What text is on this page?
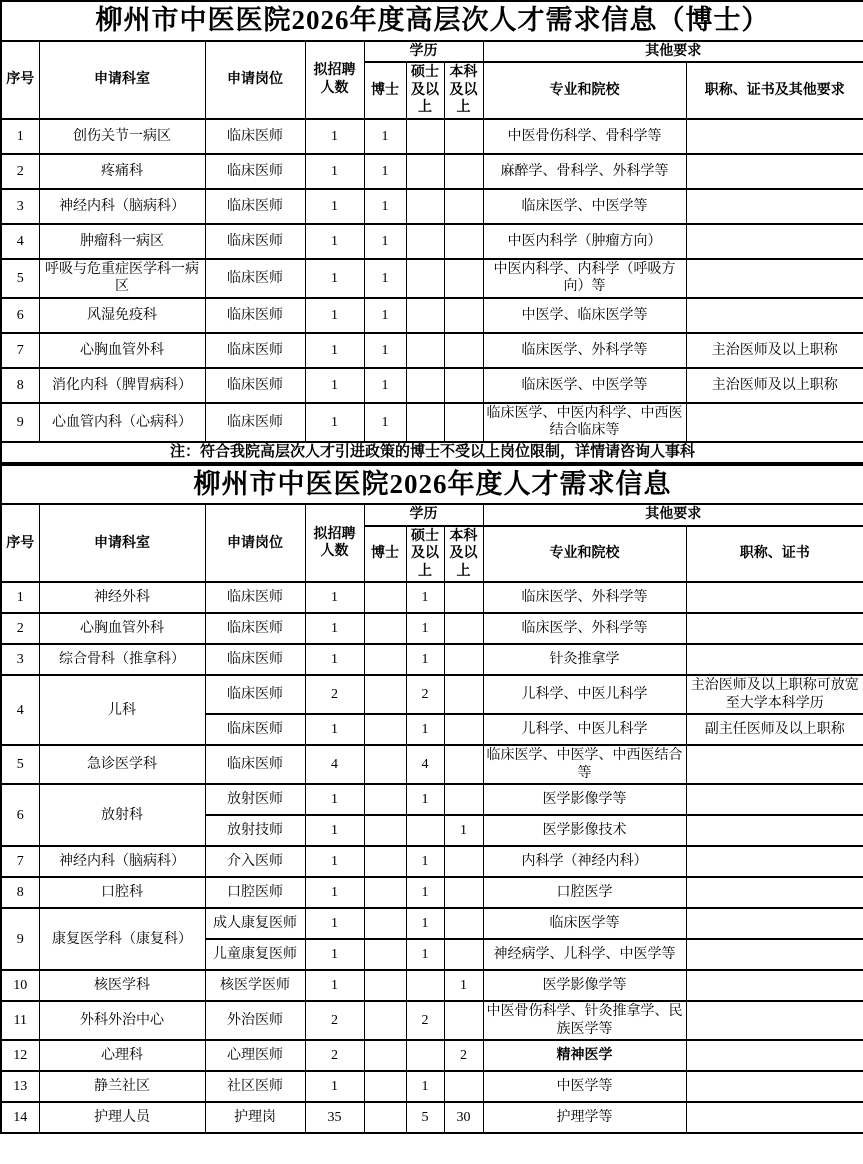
柳州市中医医院2026年度高层次人才需求信息（博士）								
序号	申请科室	申请岗位	拟招聘人数	学历			其他要求	
				博士	硕士及以上	本科及以上	专业和院校	职称、证书及其他要求
1	创伤关节一病区	临床医师	1	1			中医骨伤科学、骨科学等	
2	疼痛科	临床医师	1	1			麻醉学、骨科学、外科学等	
3	神经内科（脑病科）	临床医师	1	1			临床医学、中医学等	
4	肿瘤科一病区	临床医师	1	1			中医内科学（肿瘤方向）	
5	呼吸与危重症医学科一病区	临床医师	1	1			中医内科学、内科学（呼吸方向）等	
6	风湿免疫科	临床医师	1	1			中医学、临床医学等	
7	心胸血管外科	临床医师	1	1			临床医学、外科学等	主治医师及以上职称
8	消化内科（脾胃病科）	临床医师	1	1			临床医学、中医学等	主治医师及以上职称
9	心血管内科（心病科）	临床医师	1	1			临床医学、中医内科学、中西医结合临床等	
注：符合我院高层次人才引进政策的博士不受以上岗位限制，详情请咨询人事科								
柳州市中医医院2026年度人才需求信息								
序号	申请科室	申请岗位	拟招聘人数	学历			其他要求	
				博士	硕士及以上	本科及以上	专业和院校	职称、证书
1	神经外科	临床医师	1		1		临床医学、外科学等	
2	心胸血管外科	临床医师	1		1		临床医学、外科学等	
3	综合骨科（推拿科）	临床医师	1		1		针灸推拿学	
4	儿科	临床医师	2		2		儿科学、中医儿科学	主治医师及以上职称可放宽至大学本科学历
		临床医师	1		1		儿科学、中医儿科学	副主任医师及以上职称
5	急诊医学科	临床医师	4		4		临床医学、中医学、中西医结合等	
6	放射科	放射医师	1		1		医学影像学等	
		放射技师	1			1	医学影像技术	
7	神经内科（脑病科）	介入医师	1		1		内科学（神经内科）	
8	口腔科	口腔医师	1		1		口腔医学	
9	康复医学科（康复科）	成人康复医师	1		1		临床医学等	
		儿童康复医师	1		1		神经病学、儿科学、中医学等	
10	核医学科	核医学医师	1			1	医学影像学等	
11	外科外治中心	外治医师	2		2		中医骨伤科学、针灸推拿学、民族医学等	
12	心理科	心理医师	2			2	精神医学	
13	静兰社区	社区医师	1		1		中医学等	
14	护理人员	护理岗	35		5	30	护理学等	
